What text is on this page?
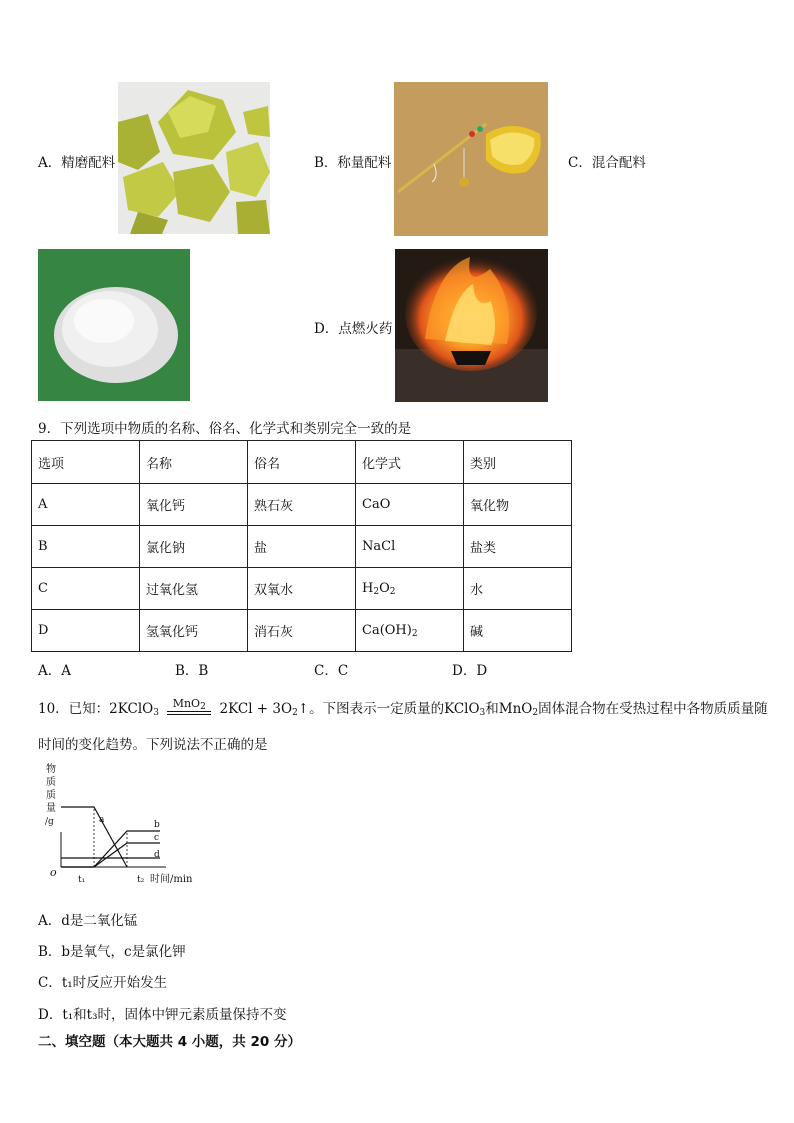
A．精磨配料	B．称量配料	C．混合配料
D．点燃火药
9．下列选项中物质的名称、俗名、化学式和类别完全一致的是
选项	名称	俗名	化学式	类别
A	氧化钙	熟石灰	CaO	氧化物
B	氯化钠	盐	NaCl	盐类
C	过氧化氢	双氧水	$H_2O_2$	水
D	氢氧化钙	消石灰	$Ca(OH)_2$	碱
A．A	B．B	C．C	D．D
10．已知：2KClO$_3$ $^{MnO_2}$ $2KCl + 3O_2↑$。下图表示一定质量的KClO$_3$和MnO$_2$固体混合物在受热过程中各物质质量随
时间的变化趋势。下列说法不正确的是
物
质
质
量
/g
o
t₁	t₂ 时间/min
a	b
c
d
A．d是二氧化锰
B．b是氧气，c是氯化钾
C．t₁时反应开始发生
D．t₁和t₃时，固体中钾元素质量保持不变
二、填空题（本大题共 4 小题，共 20 分）
